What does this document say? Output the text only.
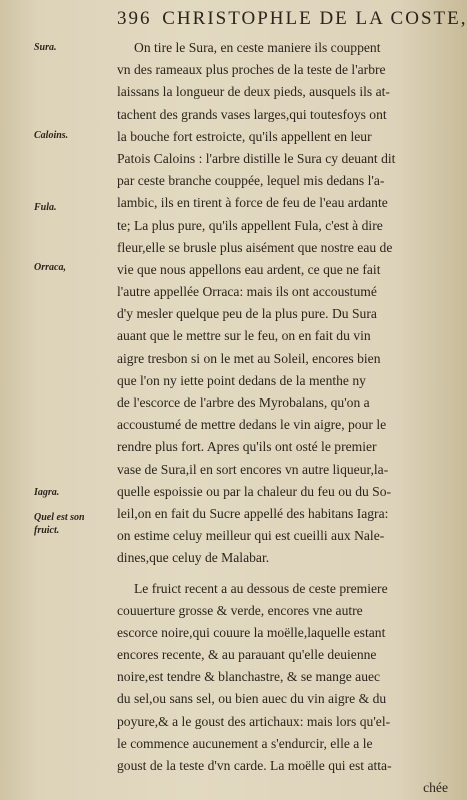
396 CHRISTOPHLE DE LA COSTE,
Sura.
Caloins.
Fula.
Orraca,
Iagra.
Quel est son
fruict.
On tire le Sura, en ceste maniere ils couppent
vn des rameaux plus proches de la teste de l'arbre
laissans la longueur de deux pieds, ausquels ils at-
tachent des grands vases larges,qui toutesfoys ont
la bouche fort estroicte, qu'ils appellent en leur
Patois Caloins : l'arbre distille le Sura cy deuant dit
par ceste branche couppée, lequel mis dedans l'a-
lambic, ils en tirent à force de feu de l'eau ardante
te; La plus pure, qu'ils appellent Fula, c'est à dire
fleur,elle se brusle plus aisément que nostre eau de
vie que nous appellons eau ardent, ce que ne fait
l'autre appellée Orraca: mais ils ont accoustumé
d'y mesler quelque peu de la plus pure. Du Sura
auant que le mettre sur le feu, on en fait du vin
aigre tresbon si on le met au Soleil, encores bien
que l'on ny iette point dedans de la menthe ny
de l'escorce de l'arbre des Myrobalans, qu'on a
accoustumé de mettre dedans le vin aigre, pour le
rendre plus fort. Apres qu'ils ont osté le premier
vase de Sura,il en sort encores vn autre liqueur,la-
quelle espoissie ou par la chaleur du feu ou du So-
leil,on en fait du Sucre appellé des habitans Iagra:
on estime celuy meilleur qui est cueilli aux Nale-
dines,que celuy de Malabar.
Le fruict recent a au dessous de ceste premiere
couuerture grosse & verde, encores vne autre
escorce noire,qui couure la moëlle,laquelle estant
encores recente, & au parauant qu'elle deuienne
noire,est tendre & blanchastre, & se mange auec
du sel,ou sans sel, ou bien auec du vin aigre & du
poyure,& a le goust des artichaux: mais lors qu'el-
le commence aucunement a s'endurcir, elle a le
goust de la teste d'vn carde. La moëlle qui est atta-
chée
